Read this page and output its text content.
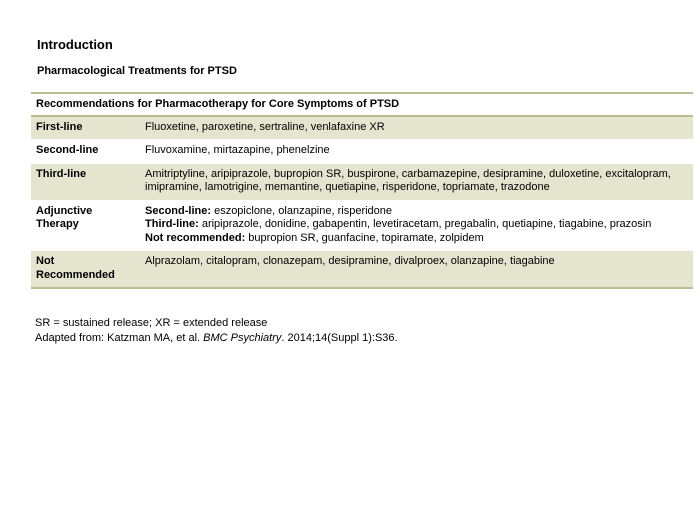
Introduction
Pharmacological Treatments for PTSD
Recommendations for Pharmacotherapy for Core Symptoms of PTSD	
First-line	Fluoxetine, paroxetine, sertraline, venlafaxine XR
Second-line	Fluvoxamine, mirtazapine, phenelzine
Third-line	Amitriptyline, aripiprazole, bupropion SR, buspirone, carbamazepine, desipramine, duloxetine, excitalopram, imipramine, lamotrigine, memantine, quetiapine, risperidone, topriamate, trazodone
Adjunctive Therapy	Second-line: eszopiclone, olanzapine, risperidone
Third-line: aripiprazole, donidine, gabapentin, levetiracetam, pregabalin, quetiapine, tiagabine, prazosin
Not recommended: bupropion SR, guanfacine, topiramate, zolpidem

Not Recommended	Alprazolam, citalopram, clonazepam, desipramine, divalproex, olanzapine, tiagabine
SR = sustained release; XR = extended release
Adapted from: Katzman MA, et al. BMC Psychiatry. 2014;14(Suppl 1):S36.
